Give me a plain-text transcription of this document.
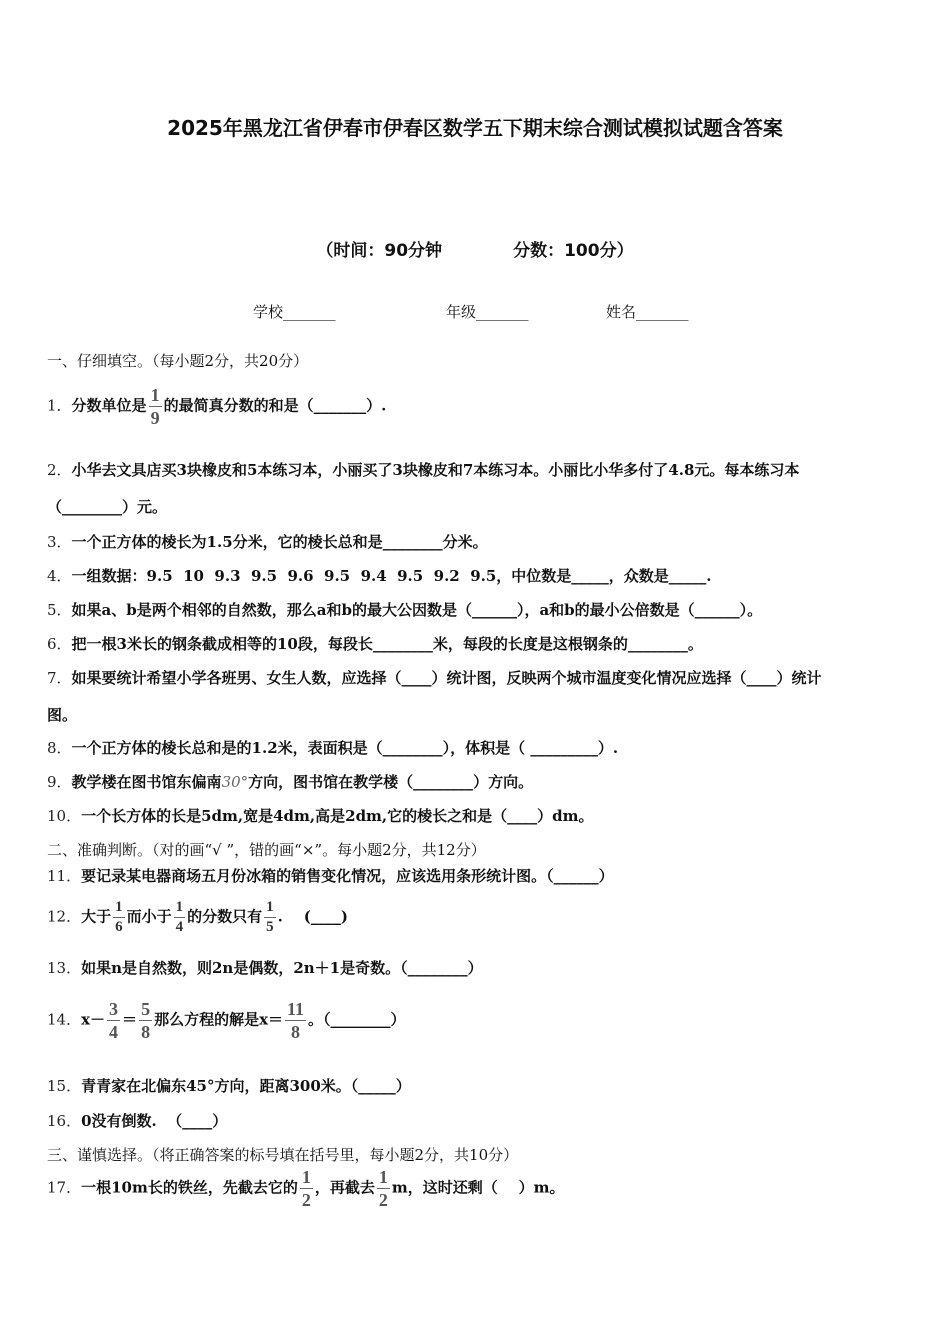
2025年黑龙江省伊春市伊春区数学五下期末综合测试模拟试题含答案
（时间：90分钟	分数：100分）
学校_______	年级_______	姓名_______
一、仔细填空。（每小题2分，共20分）
1．分数单位是 $\frac{1}{9}$ 的最简真分数的和是（_______）.
2．小华去文具店买3块橡皮和5本练习本，小丽买了3块橡皮和7本练习本。小丽比小华多付了4.8元。每本练习本
（________）元。
3．一个正方体的棱长为1.5分米，它的棱长总和是________分米。
4．一组数据：9.5  10  9.3  9.5  9.6  9.5  9.4  9.5  9.2  9.5，中位数是_____，众数是_____.
5．如果a、b是两个相邻的自然数，那么a和b的最大公因数是（______），a和b的最小公倍数是（______）。
6．把一根3米长的钢条截成相等的10段，每段长________米，每段的长度是这根钢条的________。
7．如果要统计希望小学各班男、女生人数，应选择（____）统计图，反映两个城市温度变化情况应选择（____）统计
图。
8．一个正方体的棱长总和是的1.2米，表面积是（________），体积是（ _________）.
9．教学楼在图书馆东偏南30°方向，图书馆在教学楼（________）方向。
10．一个长方体的长是5dm,宽是4dm,高是2dm,它的棱长之和是（____）dm。
二、准确判断。（对的画“√ ”，错的画“×”。每小题2分，共12分）
11．要记录某电器商场五月份冰箱的销售变化情况，应该选用条形统计图。（______）
12．大于 $\frac{1}{6}$ 而小于 $\frac{1}{4}$ 的分数只有 $\frac{1}{5}$ .    (____)
13．如果n是自然数，则2n是偶数，2n＋1是奇数。（________）
14．$x- \frac{3}{4} = \frac{5}{8}$ 那么方程的解是$x= \frac{11}{8}$ 。（________）
15．青青家在北偏东45°方向，距离300米。（_____）
16．0没有倒数.  （____）
三、谨慎选择。（将正确答案的标号填在括号里，每小题2分，共10分）
17．一根10m长的铁丝，先截去它的 $\frac{1}{2}$ ，再截去 $\frac{1}{2}$ m，这时还剩（    ）m。
